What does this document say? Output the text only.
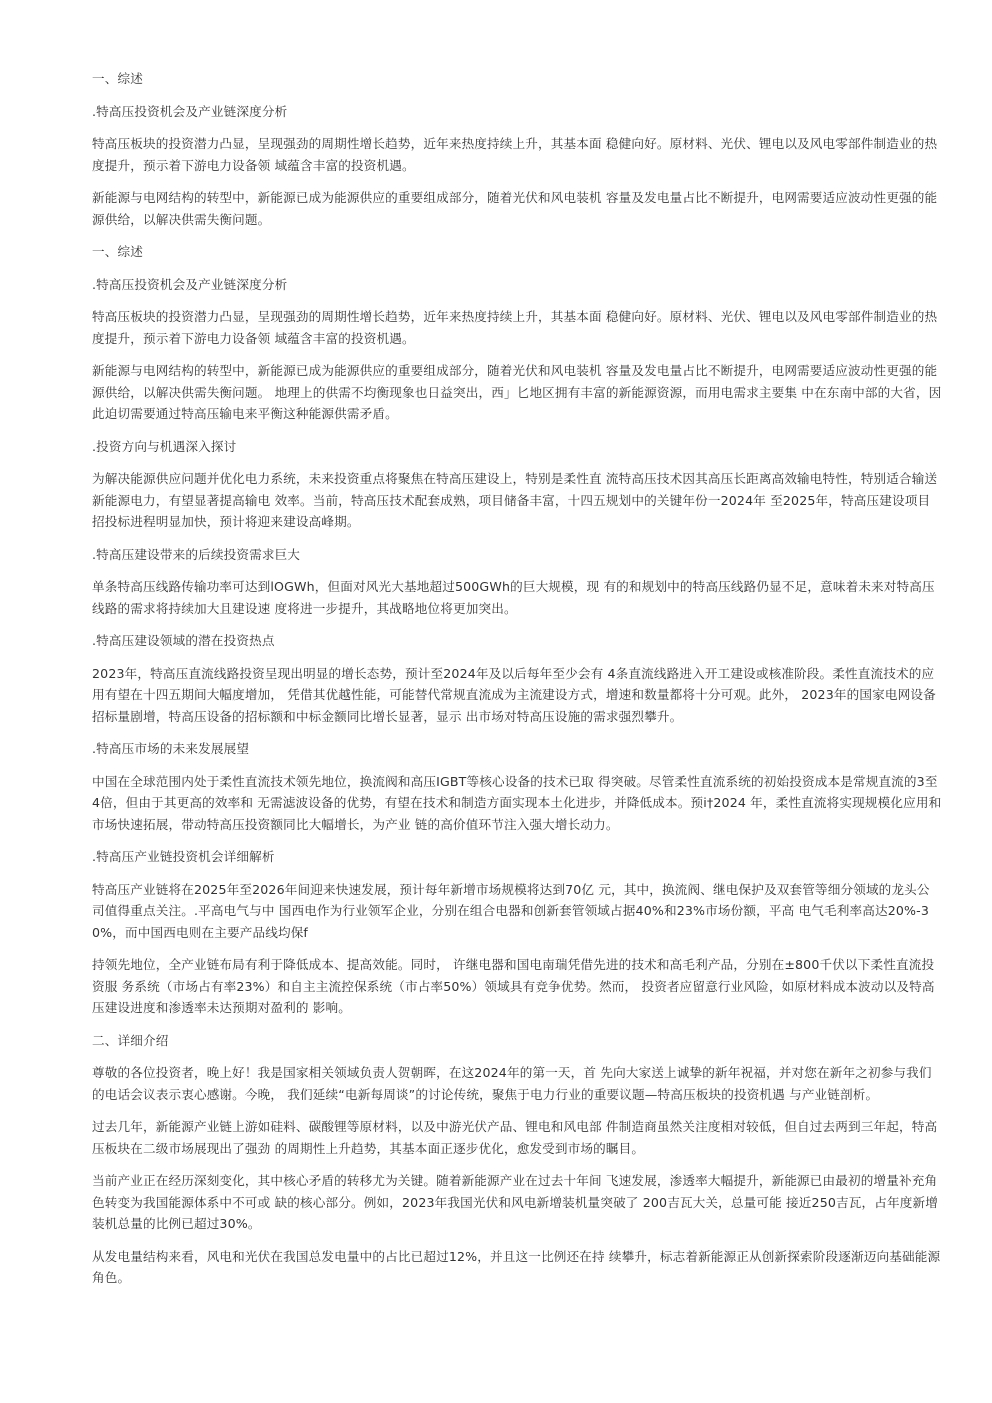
一、综述

.特高压投资机会及产业链深度分析

特高压板块的投资潜力凸显，呈现强劲的周期性增长趋势，近年来热度持续上升，其基本面 稳健向好。原材料、光伏、锂电以及风电零部件制造业的热度提升，预示着下游电力设备领 域蕴含丰富的投资机遇。

新能源与电网结构的转型中，新能源已成为能源供应的重要组成部分，随着光伏和风电装机 容量及发电量占比不断提升，电网需要适应波动性更强的能源供给，以解决供需失衡问题。

一、综述

.特高压投资机会及产业链深度分析

特高压板块的投资潜力凸显，呈现强劲的周期性增长趋势，近年来热度持续上升，其基本面 稳健向好。原材料、光伏、锂电以及风电零部件制造业的热度提升，预示着下游电力设备领 域蕴含丰富的投资机遇。

新能源与电网结构的转型中，新能源已成为能源供应的重要组成部分，随着光伏和风电装机 容量及发电量占比不断提升，电网需要适应波动性更强的能源供给，以解决供需失衡问题。 地理上的供需不均衡现象也日益突出，西」匕地区拥有丰富的新能源资源，而用电需求主要集 中在东南中部的大省，因此迫切需要通过特高压输电来平衡这种能源供需矛盾。

.投资方向与机遇深入探讨

为解决能源供应问题并优化电力系统，未来投资重点将聚焦在特高压建设上，特别是柔性直 流特高压技术因其高压长距离高效输电特性，特别适合输送新能源电力，有望显著提高输电 效率。当前，特高压技术配套成熟，项目储备丰富，十四五规划中的关键年份一2024年 至2025年，特高压建设项目招投标进程明显加快，预计将迎来建设高峰期。

.特高压建设带来的后续投资需求巨大

单条特高压线路传输功率可达到lOGWh，但面对风光大基地超过500GWh的巨大规模，现 有的和规划中的特高压线路仍显不足，意味着未来对特高压线路的需求将持续加大且建设速 度将进一步提升，其战略地位将更加突出。

.特高压建设领域的潜在投资热点

2023年，特高压直流线路投资呈现出明显的增长态势，预计至2024年及以后每年至少会有 4条直流线路进入开工建设或核准阶段。柔性直流技术的应用有望在十四五期间大幅度增加， 凭借其优越性能，可能替代常规直流成为主流建设方式，增速和数量都将十分可观。此外， 2023年的国家电网设备招标量剧增，特高压设备的招标额和中标金额同比增长显著，显示 出市场对特高压设施的需求强烈攀升。

.特高压市场的未来发展展望

中国在全球范围内处于柔性直流技术领先地位，换流阀和高压IGBT等核心设备的技术已取 得突破。尽管柔性直流系统的初始投资成本是常规直流的3至4倍，但由于其更高的效率和 无需滤波设备的优势，有望在技术和制造方面实现本土化进步，并降低成本。预i†2024 年，柔性直流将实现规模化应用和市场快速拓展，带动特高压投资额同比大幅增长，为产业 链的高价值环节注入强大增长动力。

.特高压产业链投资机会详细解析

特高压产业链将在2025年至2026年间迎来快速发展，预计每年新增市场规模将达到70亿 元，其中，换流阀、继电保护及双套管等细分领域的龙头公司值得重点关注。.平高电气与中 国西电作为行业领军企业，分别在组合电器和创新套管领域占据40%和23%市场份额，平高 电气毛利率高达20%-30%，而中国西电则在主要产品线均保f

持领先地位，全产业链布局有利于降低成本、提高效能。同时， 许继电器和国电南瑞凭借先进的技术和高毛利产品，分别在±800千伏以下柔性直流投资服 务系统（市场占有率23%）和自主主流控保系统（市占率50%）领域具有竞争优势。然而， 投资者应留意行业风险，如原材料成本波动以及特高压建设进度和渗透率未达预期对盈利的 影响。

二、详细介绍

尊敬的各位投资者，晚上好！我是国家相关领域负责人贺朝晖，在这2024年的第一天，首 先向大家送上诚挚的新年祝福，并对您在新年之初参与我们的电话会议表示衷心感谢。今晚， 我们延续“电新每周谈”的讨论传统，聚焦于电力行业的重要议题—特高压板块的投资机遇 与产业链剖析。

过去几年，新能源产业链上游如硅料、碳酸锂等原材料，以及中游光伏产品、锂电和风电部 件制造商虽然关注度相对较低，但自过去两到三年起，特高压板块在二级市场展现出了强劲 的周期性上升趋势，其基本面正逐步优化，愈发受到市场的瞩目。

当前产业正在经历深刻变化，其中核心矛盾的转移尤为关键。随着新能源产业在过去十年间 飞速发展，渗透率大幅提升，新能源已由最初的增量补充角色转变为我国能源体系中不可或 缺的核心部分。例如，2023年我国光伏和风电新增装机量突破了 200吉瓦大关，总量可能 接近250吉瓦，占年度新增装机总量的比例已超过30%。

从发电量结构来看，风电和光伏在我国总发电量中的占比已超过12%，并且这一比例还在持 续攀升，标志着新能源正从创新探索阶段逐渐迈向基础能源角色。
